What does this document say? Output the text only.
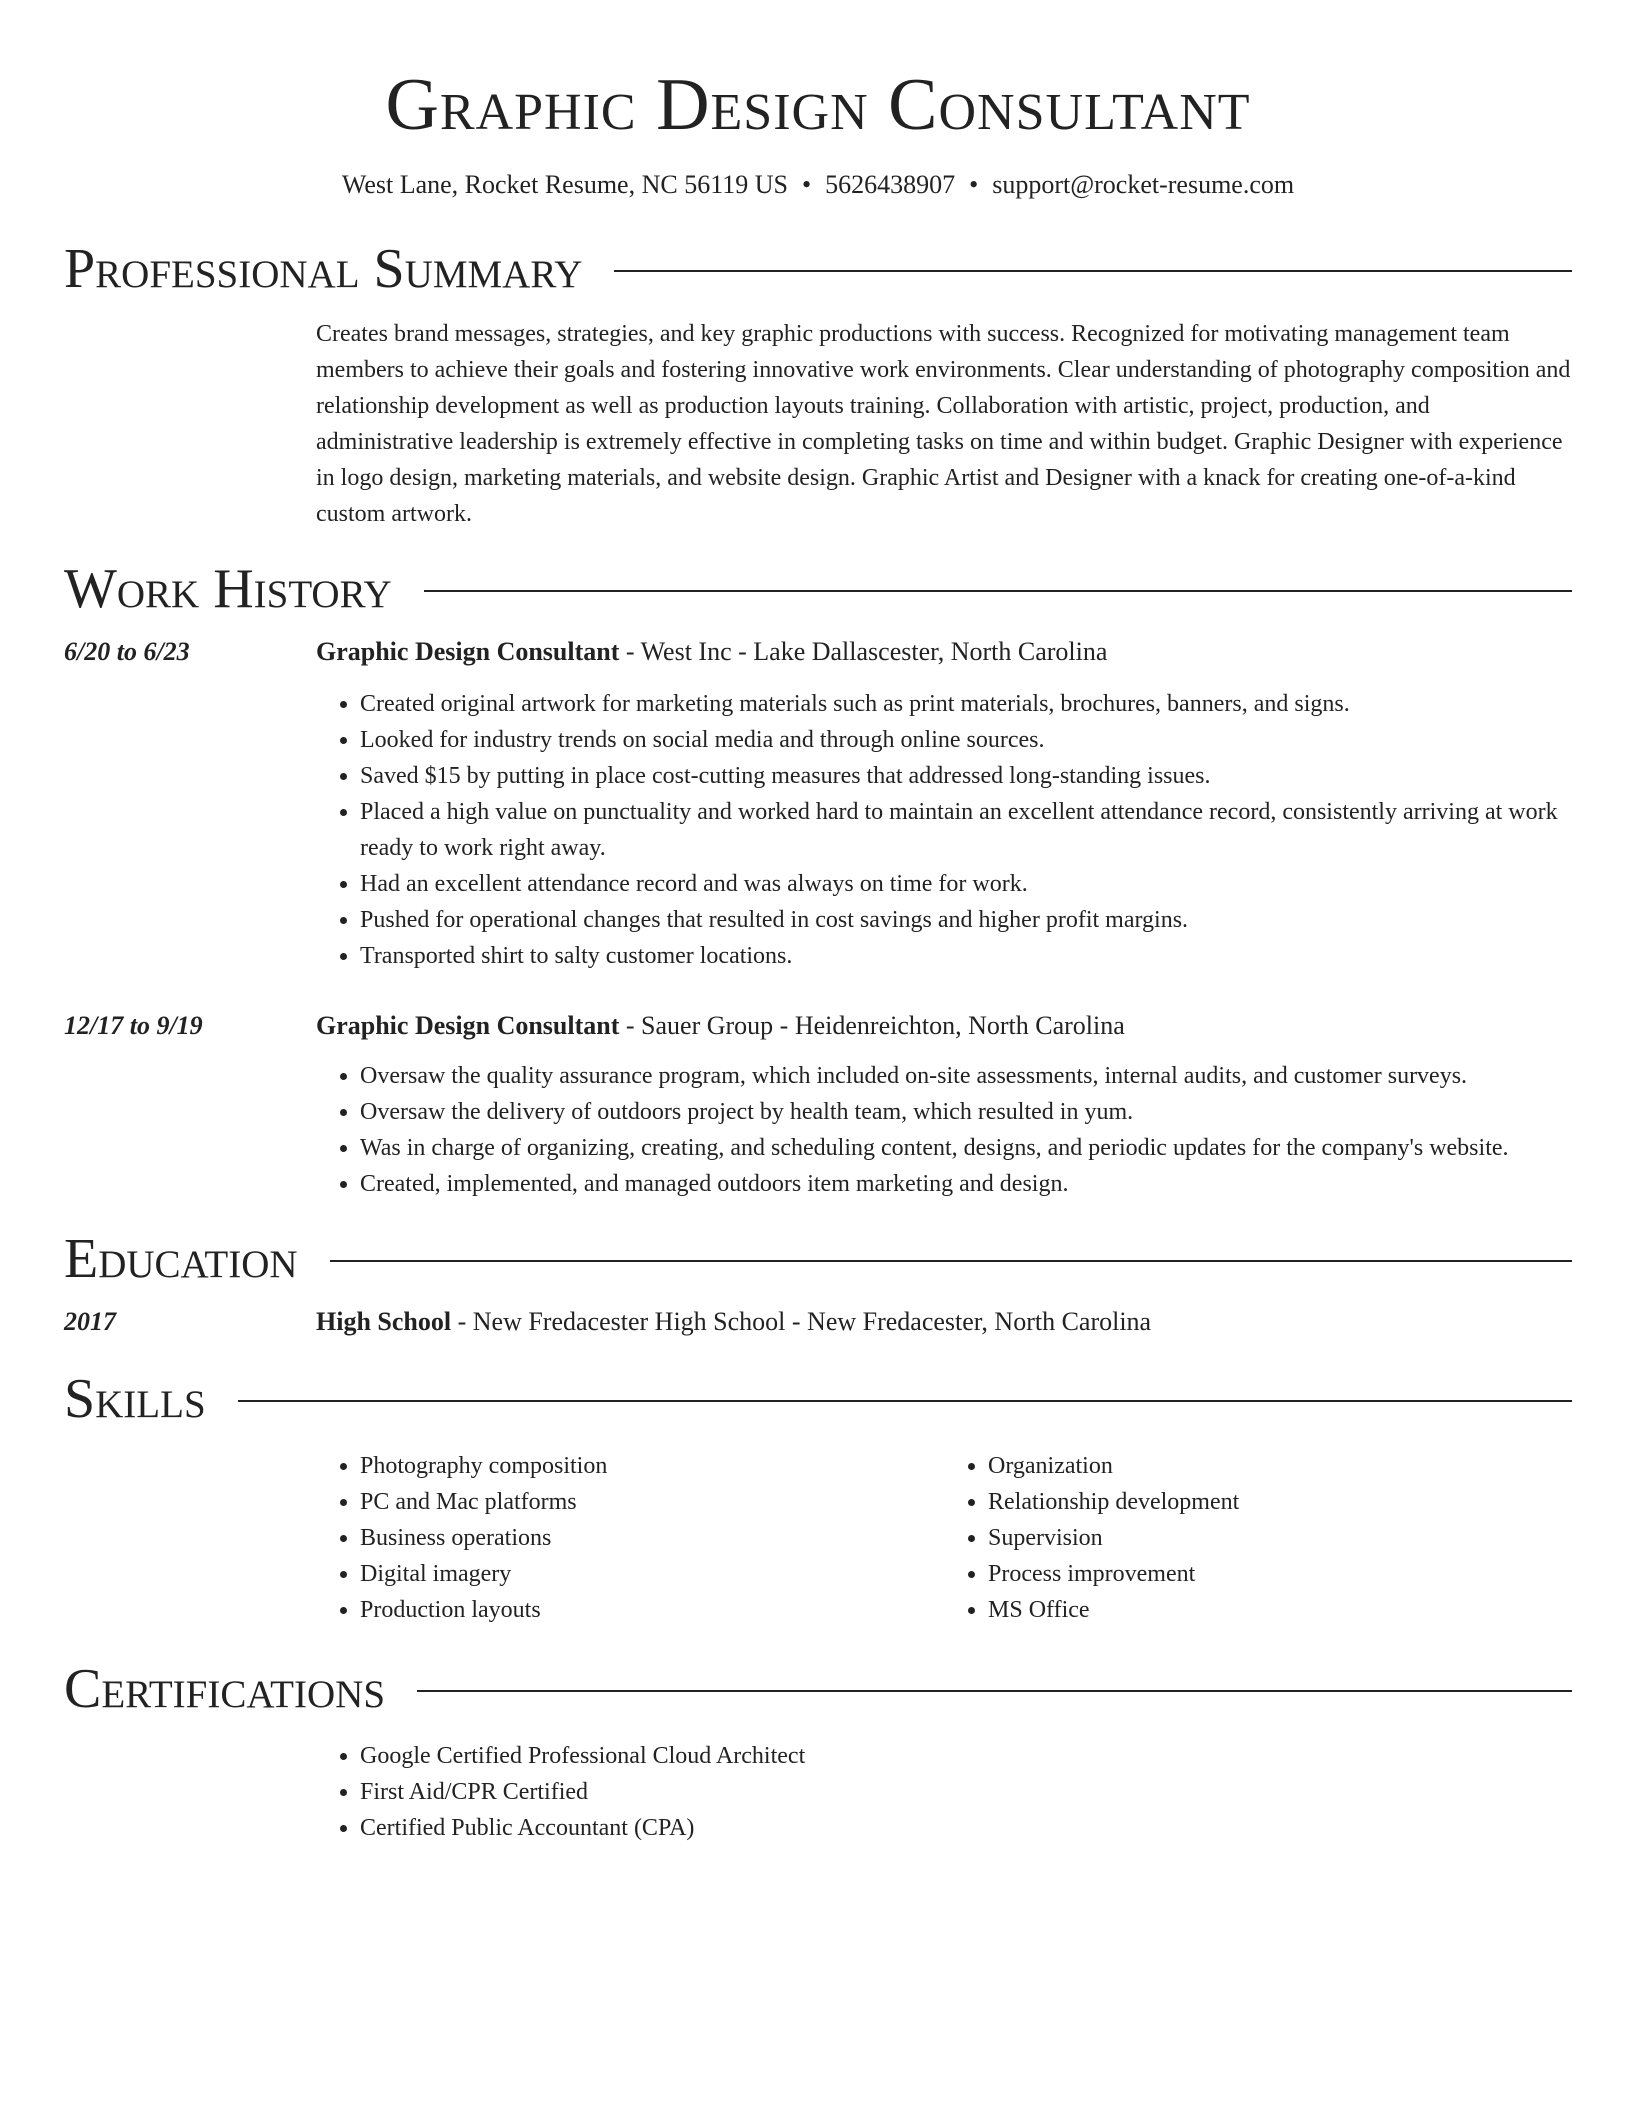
Graphic Design Consultant
West Lane, Rocket Resume, NC 56119 US • 5626438907 • support@rocket-resume.com
Professional Summary

Creates brand messages, strategies, and key graphic productions with success. Recognized for motivating management team members to achieve their goals and fostering innovative work environments. Clear understanding of photography composition and relationship development as well as production layouts training. Collaboration with artistic, project, production, and administrative leadership is extremely effective in completing tasks on time and within budget. Graphic Designer with experience in logo design, marketing materials, and website design. Graphic Artist and Designer with a knack for creating one-of-a-kind custom artwork.

Work History
6/20 to 6/23	Graphic Design Consultant - West Inc - Lake Dallascester, North Carolina
• Created original artwork for marketing materials such as print materials, brochures, banners, and signs.
• Looked for industry trends on social media and through online sources.
• Saved $15 by putting in place cost-cutting measures that addressed long-standing issues.
• Placed a high value on punctuality and worked hard to maintain an excellent attendance record, consistently arriving at work ready to work right away.
• Had an excellent attendance record and was always on time for work.
• Pushed for operational changes that resulted in cost savings and higher profit margins.
• Transported shirt to salty customer locations.
12/17 to 9/19	Graphic Design Consultant - Sauer Group - Heidenreichton, North Carolina
• Oversaw the quality assurance program, which included on-site assessments, internal audits, and customer surveys.
• Oversaw the delivery of outdoors project by health team, which resulted in yum.
• Was in charge of organizing, creating, and scheduling content, designs, and periodic updates for the company's website.
• Created, implemented, and managed outdoors item marketing and design.
Education
2017	High School - New Fredacester High School - New Fredacester, North Carolina
Skills
• Photography composition
• PC and Mac platforms
• Business operations
• Digital imagery
• Production layouts
• Organization
• Relationship development
• Supervision
• Process improvement
• MS Office
Certifications
• Google Certified Professional Cloud Architect
• First Aid/CPR Certified
• Certified Public Accountant (CPA)
